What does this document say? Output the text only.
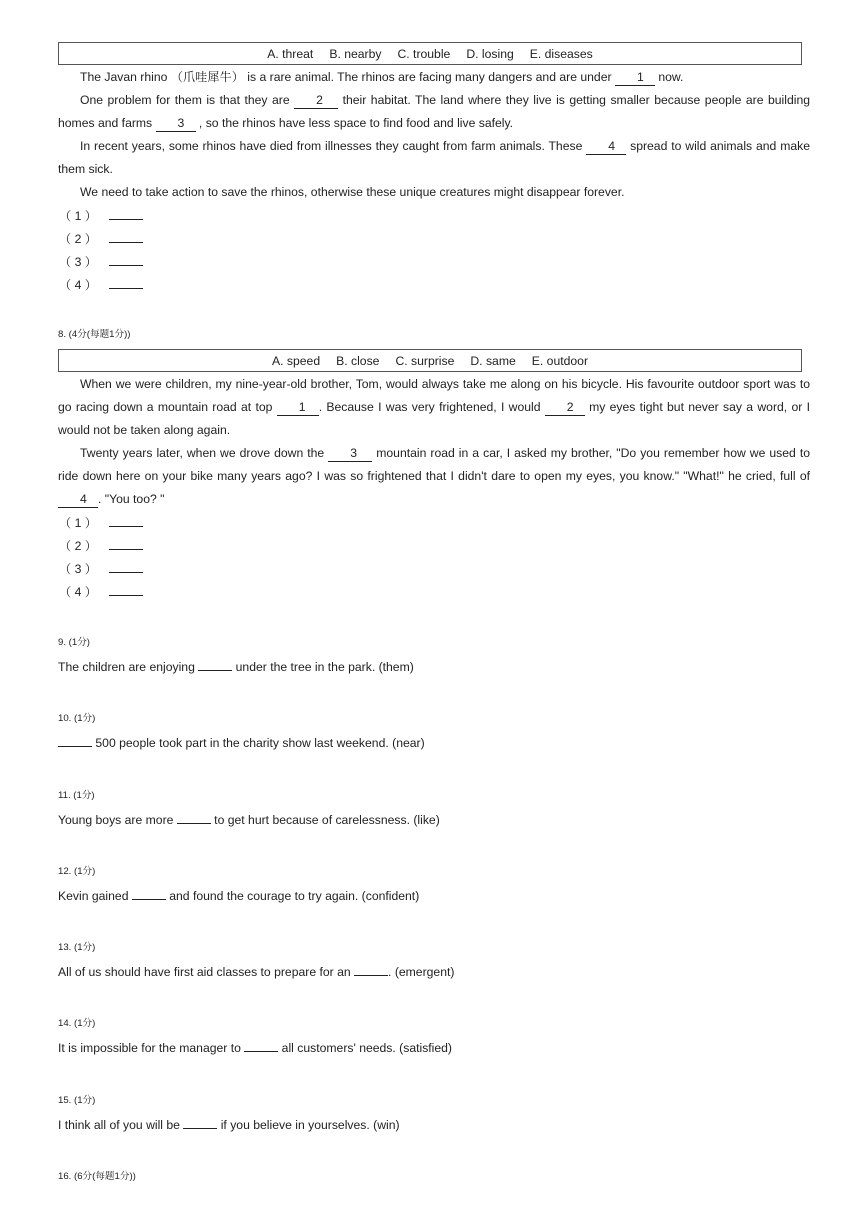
A. threat B. nearby C. trouble D. losing E. diseases
The Javan rhino （爪哇犀牛） is a rare animal. The rhinos are facing many dangers and are under 1 now.
One problem for them is that they are 2 their habitat. The land where they live is getting smaller because people are building homes and farms 3 , so the rhinos have less space to find food and live safely.
In recent years, some rhinos have died from illnesses they caught from farm animals. These 4 spread to wild animals and make them sick.
We need to take action to save the rhinos, otherwise these unique creatures might disappear forever.
（ 1 ）
（ 2 ）
（ 3 ）
（ 4 ）
8. (4分(每题1分))
A. speed B. close C. surprise D. same E. outdoor
When we were children, my nine-year-old brother, Tom, would always take me along on his bicycle. His favourite outdoor sport was to go racing down a mountain road at top 1 . Because I was very frightened, I would 2 my eyes tight but never say a word, or I would not be taken along again.
Twenty years later, when we drove down the 3 mountain road in a car, I asked my brother, "Do you remember how we used to ride down here on your bike many years ago? I was so frightened that I didn't dare to open my eyes, you know." "What!" he cried, full of 4 . "You too? "
（ 1 ）
（ 2 ）
（ 3 ）
（ 4 ）
9. (1分)
The children are enjoying	under the tree in the park. (them)
10. (1分)
500 people took part in the charity show last weekend. (near)
11. (1分)
Young boys are more	to get hurt because of carelessness. (like)
12. (1分)
Kevin gained	and found the courage to try again. (confident)
13. (1分)
All of us should have first aid classes to prepare for an	. (emergent)
14. (1分)
It is impossible for the manager to	all customers' needs. (satisfied)
15. (1分)
I think all of you will be	if you believe in yourselves. (win)
16. (6分(每题1分))
